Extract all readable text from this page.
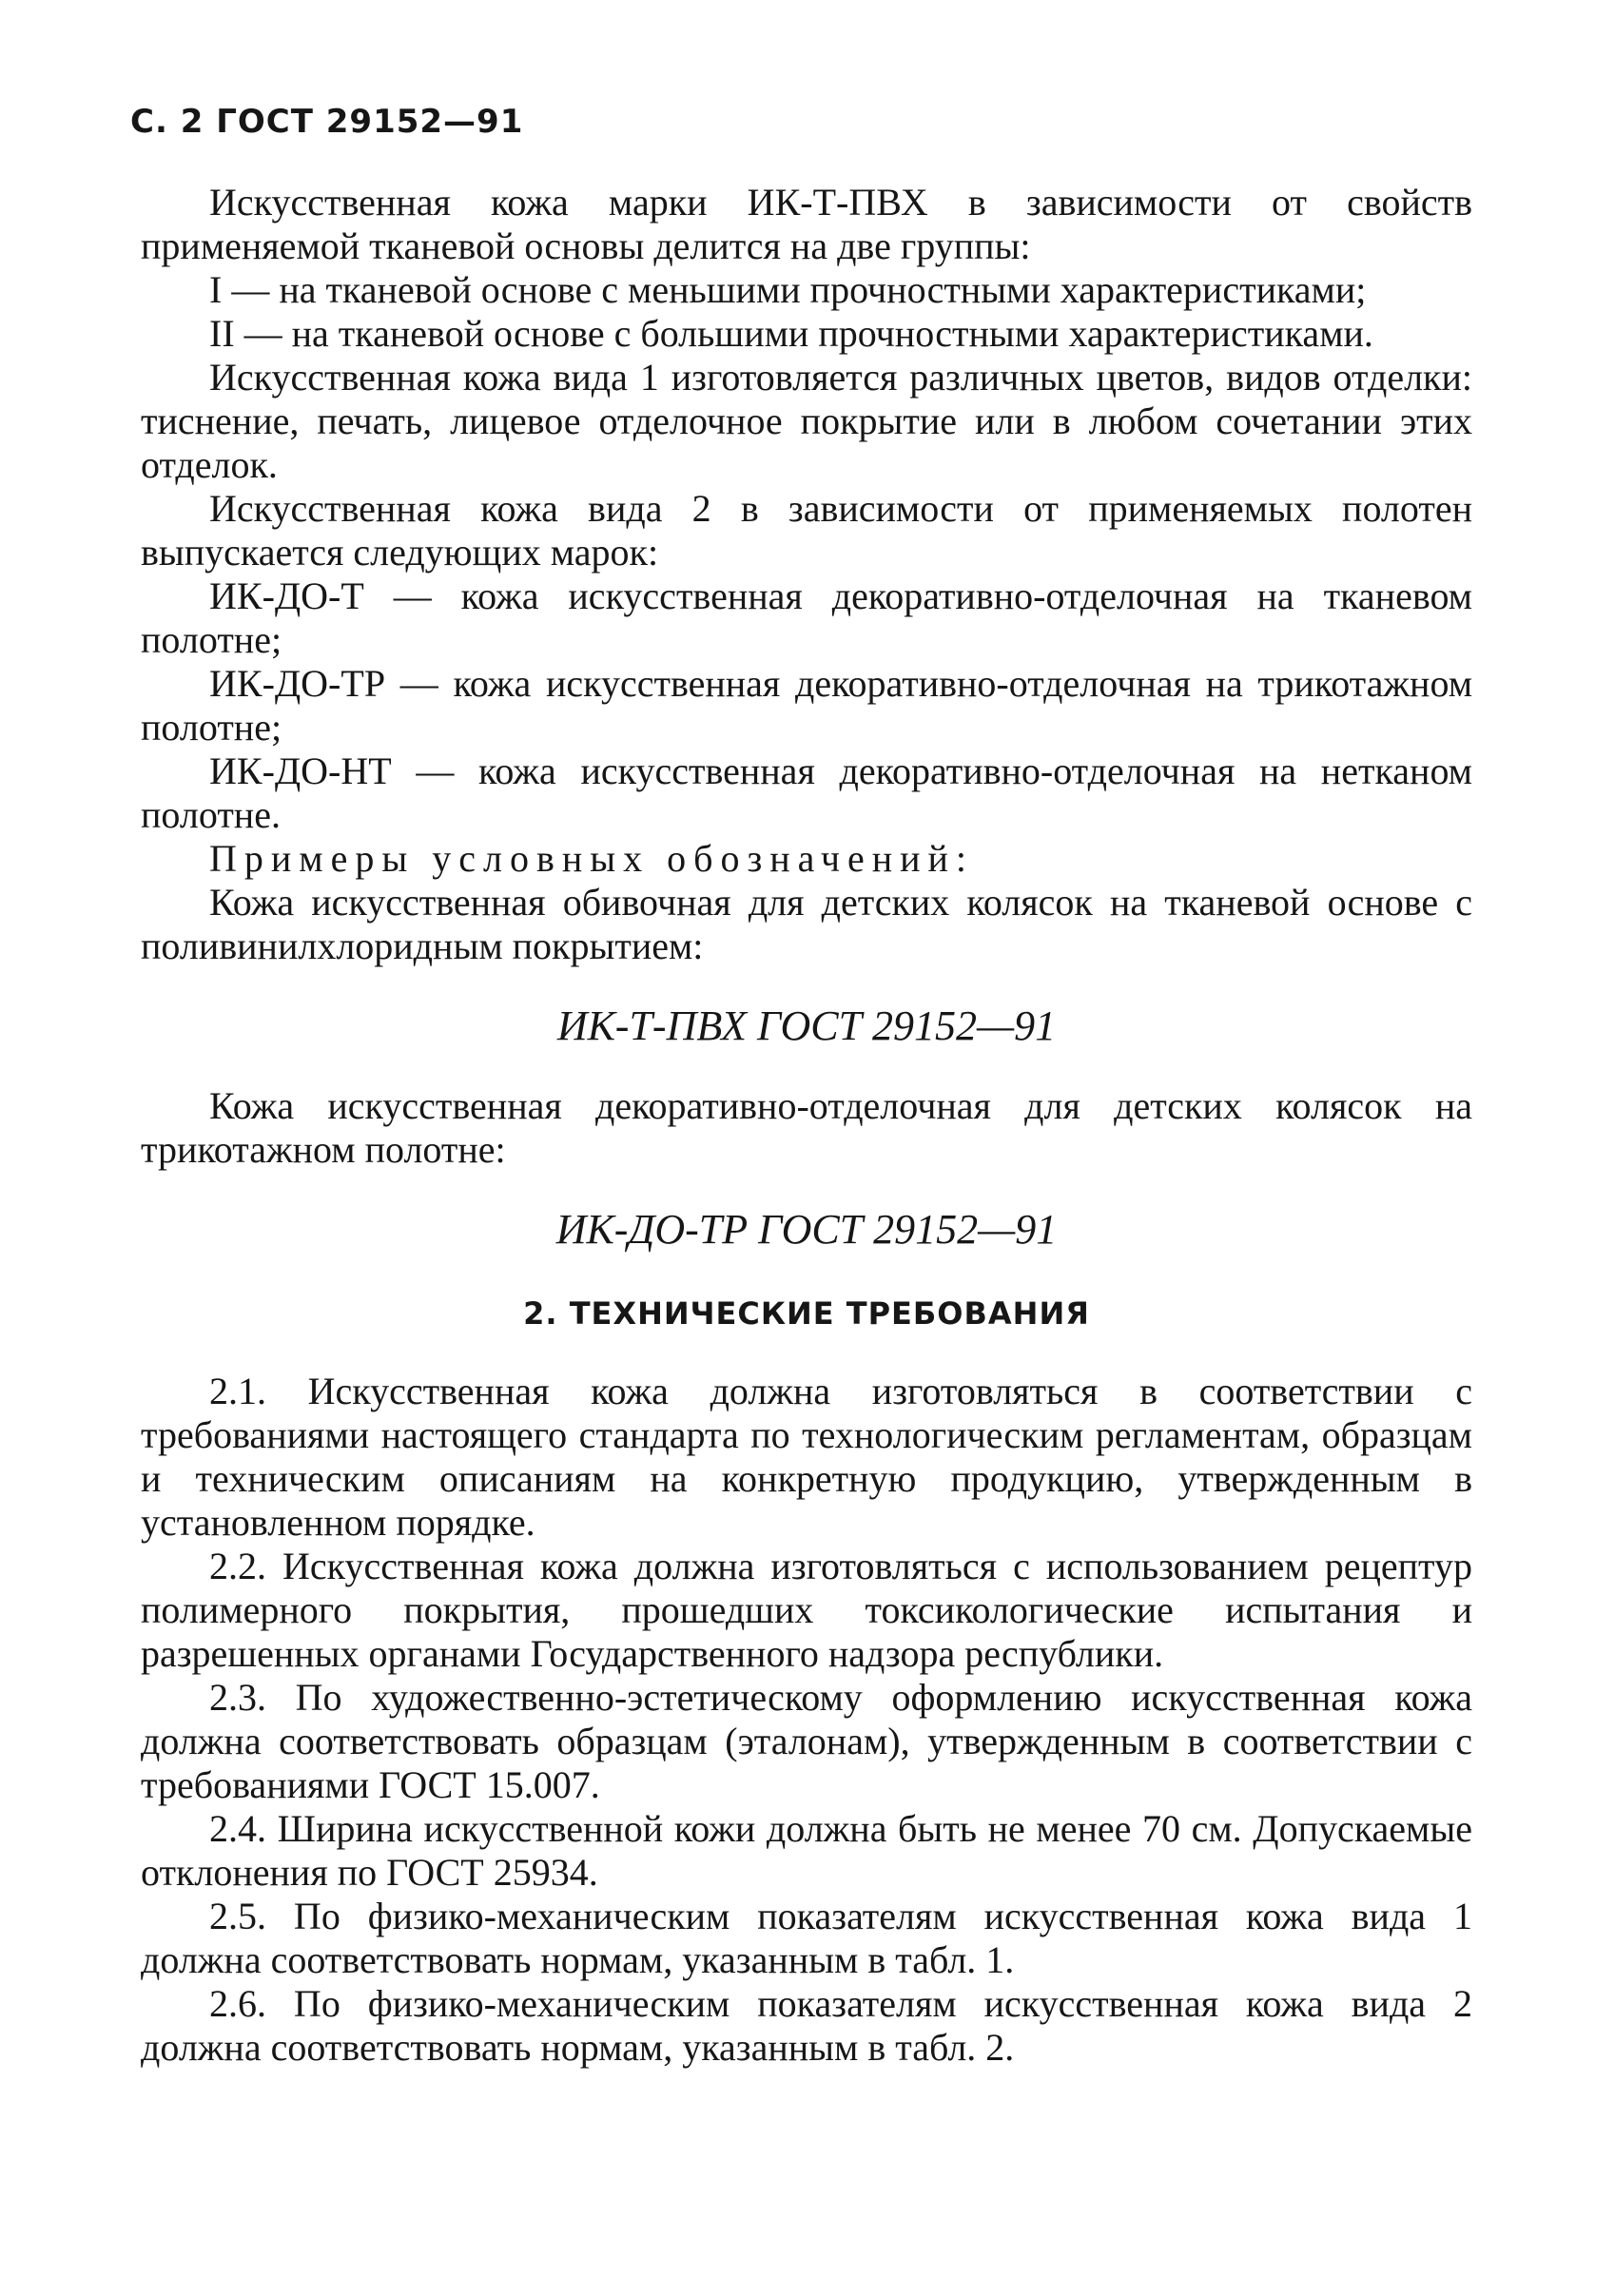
С. 2 ГОСТ 29152—91

Искусственная кожа марки ИК-Т-ПВХ в зависимости от свойств применяемой тканевой основы делится на две группы:

I — на тканевой основе с меньшими прочностными характеристиками;

II — на тканевой основе с большими прочностными характеристиками.

Искусственная кожа вида 1 изготовляется различных цветов, видов отделки: тиснение, печать, лицевое отделочное покрытие или в любом сочетании этих отделок.

Искусственная кожа вида 2 в зависимости от применяемых полотен выпускается следующих марок:

ИК-ДО-Т — кожа искусственная декоративно-отделочная на тканевом полотне;

ИК-ДО-ТР — кожа искусственная декоративно-отделочная на трикотажном полотне;

ИК-ДО-НТ — кожа искусственная декоративно-отделочная на нетканом полотне.

Примеры условных обозначений:

Кожа искусственная обивочная для детских колясок на тканевой основе с поливинилхлоридным покрытием:

ИК-Т-ПВХ ГОСТ 29152—91

Кожа искусственная декоративно-отделочная для детских колясок на трикотажном полотне:

ИК-ДО-ТР ГОСТ 29152—91
2. ТЕХНИЧЕСКИЕ ТРЕБОВАНИЯ

2.1. Искусственная кожа должна изготовляться в соответствии с требованиями настоящего стандарта по технологическим регламентам, образцам и техническим описаниям на конкретную продукцию, утвержденным в установленном порядке.

2.2. Искусственная кожа должна изготовляться с использованием рецептур полимерного покрытия, прошедших токсикологические испытания и разрешенных органами Государственного надзора республики.

2.3. По художественно-эстетическому оформлению искусственная кожа должна соответствовать образцам (эталонам), утвержденным в соответствии с требованиями ГОСТ 15.007.

2.4. Ширина искусственной кожи должна быть не менее 70 см. Допускаемые отклонения по ГОСТ 25934.

2.5. По физико-механическим показателям искусственная кожа вида 1 должна соответствовать нормам, указанным в табл. 1.

2.6. По физико-механическим показателям искусственная кожа вида 2 должна соответствовать нормам, указанным в табл. 2.
